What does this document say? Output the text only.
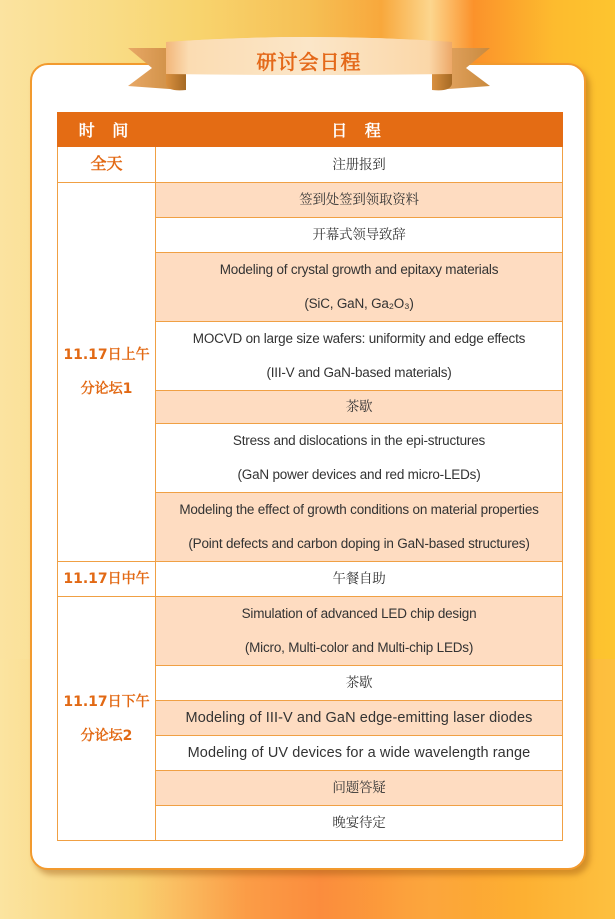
研讨会日程
时 间	日 程
全天	注册报到

11.17日上午
分论坛1	签到处签到领取资料

	开幕式领导致辞

	Modeling of crystal growth and epitaxy materials
(SiC, GaN, Ga₂O₃)

	MOCVD on large size wafers: uniformity and edge effects
(III-V and GaN-based materials)

	茶歇

	Stress and dislocations in the epi-structures
(GaN power devices and red micro-LEDs)

	Modeling the effect of growth conditions on material properties
(Point defects and carbon doping in GaN-based structures)

11.17日中午	午餐自助

11.17日下午
分论坛2	Simulation of advanced LED chip design
(Micro, Multi-color and Multi-chip LEDs)

	茶歇

	Modeling of III-V and GaN edge-emitting laser diodes

	Modeling of UV devices for a wide wavelength range

	问题答疑

	晚宴待定
